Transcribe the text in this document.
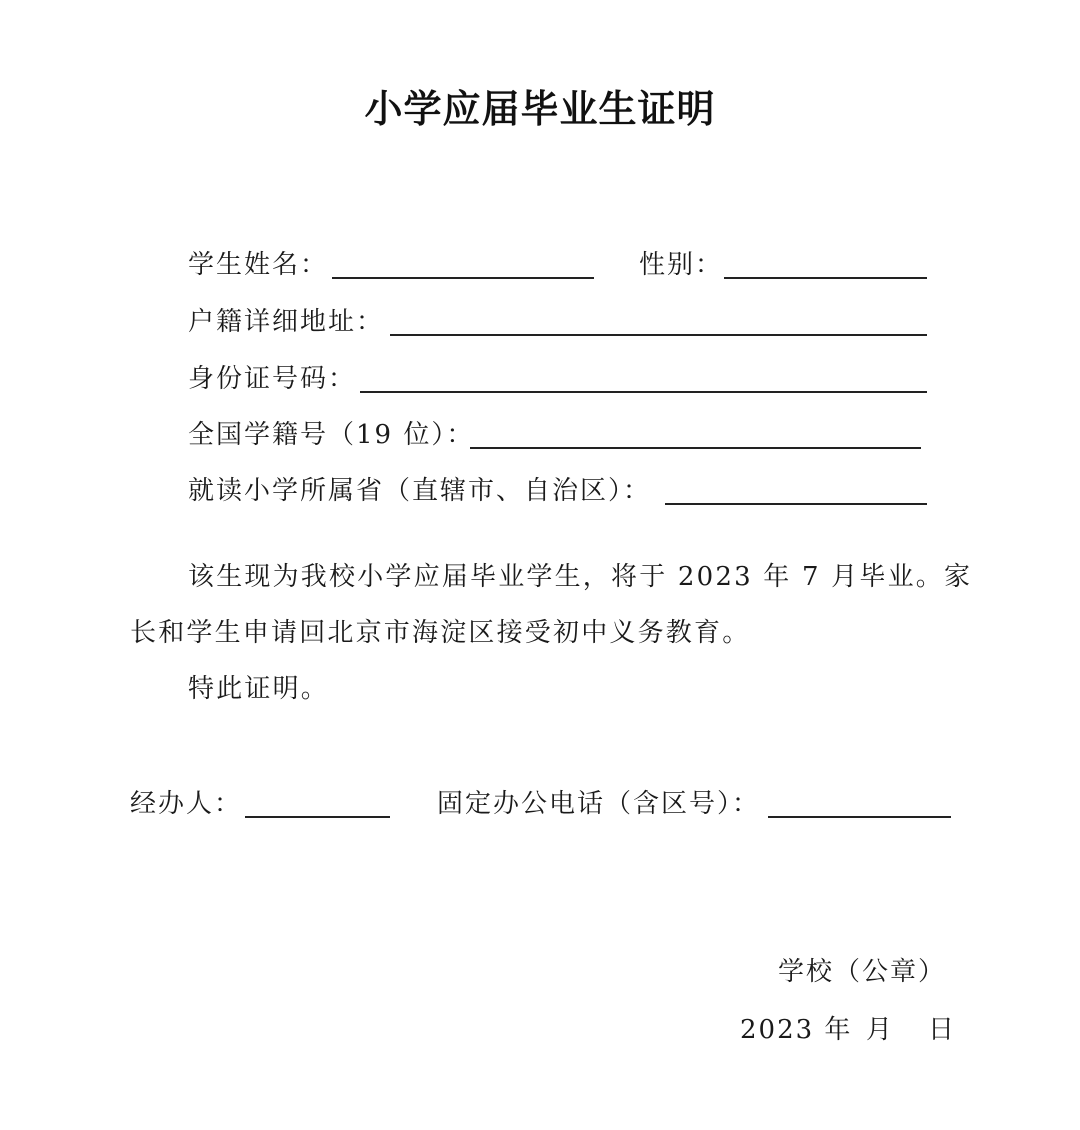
小学应届毕业生证明
学生姓名：	性别：
户籍详细地址：
身份证号码：
全国学籍号（19 位）：
就读小学所属省（直辖市、自治区）：
该生现为我校小学应届毕业学生，将于 2023 年 7 月毕业。家
长和学生申请回北京市海淀区接受初中义务教育。
特此证明。
经办人：	固定办公电话（含区号）：
学校（公章）
2023 年 月 日
